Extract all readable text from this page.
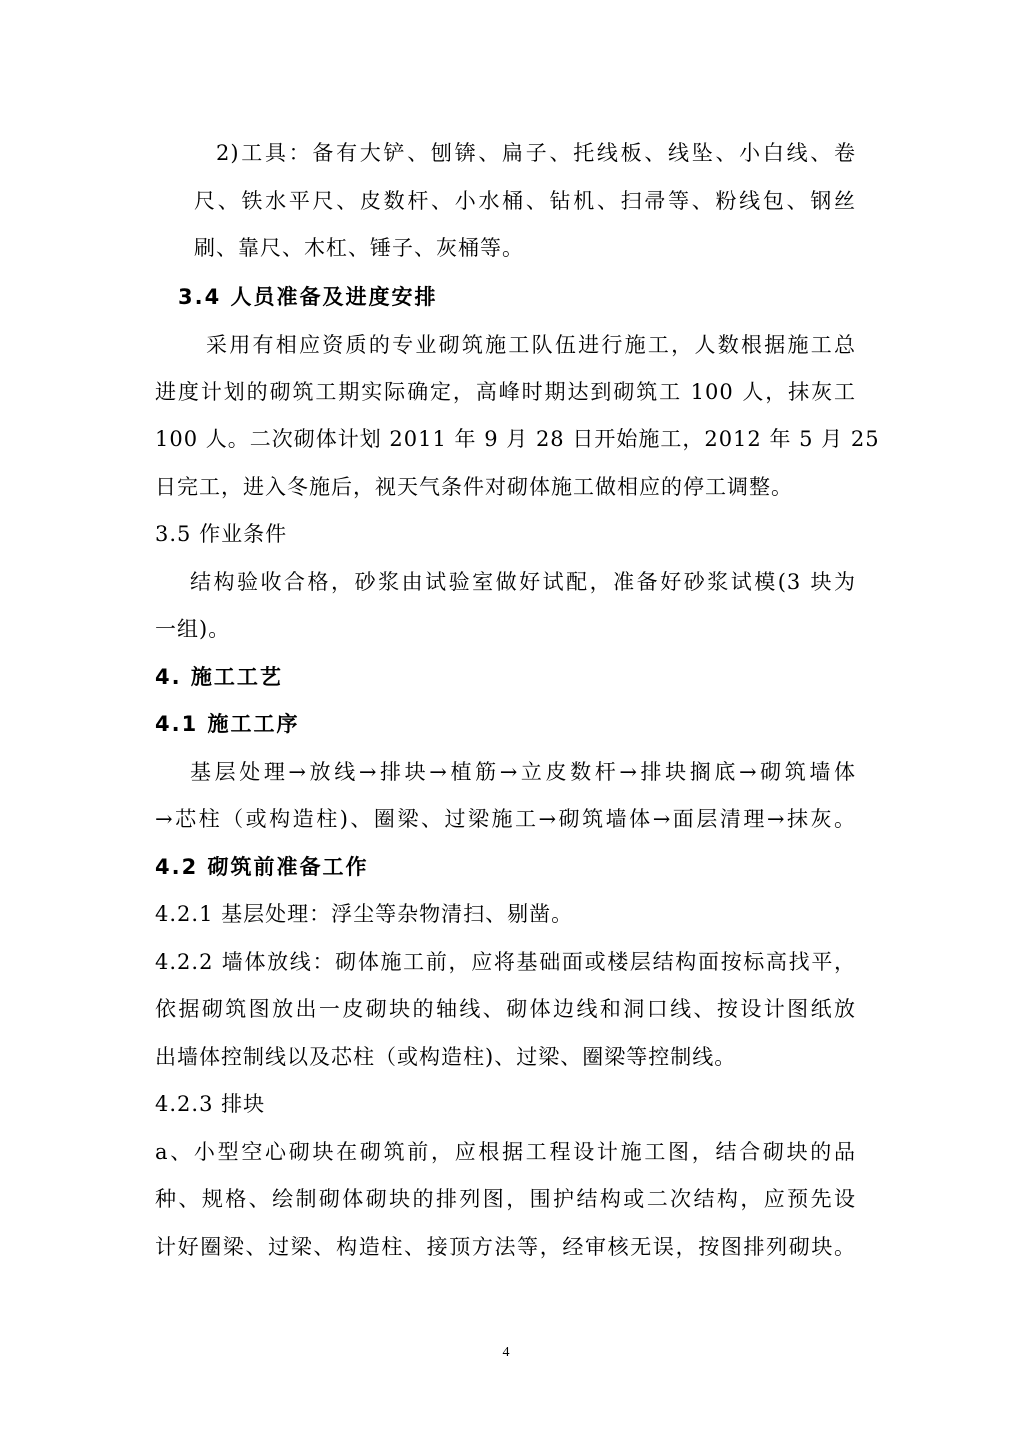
2)工具：备有大铲、刨锛、扁子、托线板、线坠、小白线、卷
尺、铁水平尺、皮数杆、小水桶、钻机、扫帚等、粉线包、钢丝
刷、靠尺、木杠、锤子、灰桶等。
3.4 人员准备及进度安排
采用有相应资质的专业砌筑施工队伍进行施工，人数根据施工总
进度计划的砌筑工期实际确定，高峰时期达到砌筑工 100 人，抹灰工
100 人。二次砌体计划 2011 年 9 月 28 日开始施工，2012 年 5 月 25
日完工，进入冬施后，视天气条件对砌体施工做相应的停工调整。
3.5 作业条件
结构验收合格，砂浆由试验室做好试配，准备好砂浆试模(3 块为
一组)。
4. 施工工艺
4.1 施工工序
基层处理→放线→排块→植筋→立皮数杆→排块搁底→砌筑墙体
→芯柱（或构造柱)、圈梁、过梁施工→砌筑墙体→面层清理→抹灰。
4.2 砌筑前准备工作
4.2.1 基层处理：浮尘等杂物清扫、剔凿。
4.2.2 墙体放线：砌体施工前，应将基础面或楼层结构面按标高找平，
依据砌筑图放出一皮砌块的轴线、砌体边线和洞口线、按设计图纸放
出墙体控制线以及芯柱（或构造柱)、过梁、圈梁等控制线。
4.2.3 排块
a、小型空心砌块在砌筑前，应根据工程设计施工图，结合砌块的品
种、规格、绘制砌体砌块的排列图，围护结构或二次结构，应预先设
计好圈梁、过梁、构造柱、接顶方法等，经审核无误，按图排列砌块。
4
